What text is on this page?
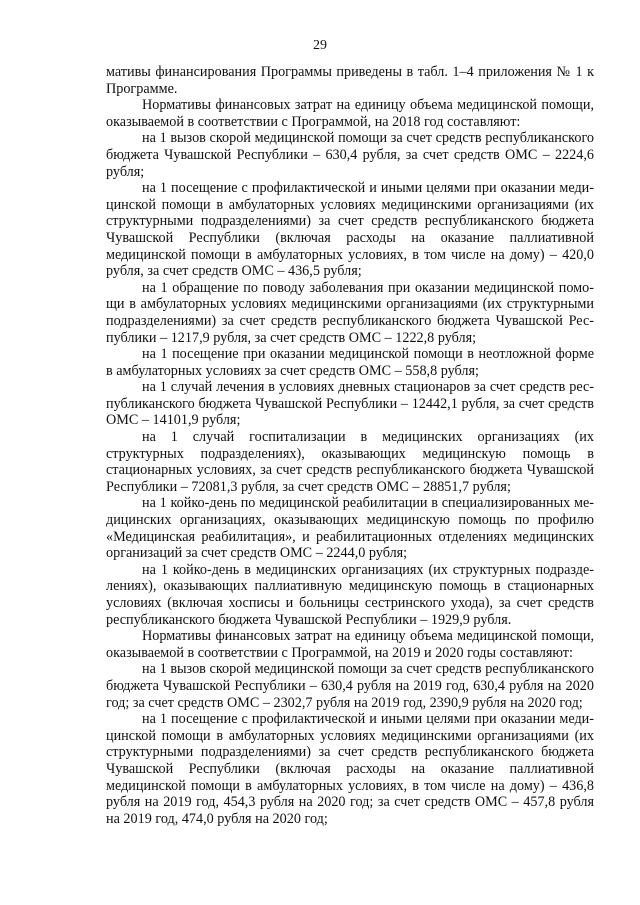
29

мативы финансирования Программы приведены в табл. 1–4 приложения № 1 к Программе.

Нормативы финансовых затрат на единицу объема медицинской помощи, оказываемой в соответствии с Программой, на 2018 год составляют:

на 1 вызов скорой медицинской помощи за счет средств республиканского бюджета Чувашской Республики – 630,4 рубля, за счет средств ОМС – 2224,6 рубля;

на 1 посещение с профилактической и иными целями при оказании медицинской помощи в амбулаторных условиях медицинскими организациями (их структурными подразделениями) за счет средств республиканского бюджета Чувашской Республики (включая расходы на оказание паллиативной медицинской помощи в амбулаторных условиях, в том числе на дому) – 420,0 рубля, за счет средств ОМС – 436,5 рубля;

на 1 обращение по поводу заболевания при оказании медицинской помощи в амбулаторных условиях медицинскими организациями (их структурными подразделениями) за счет средств республиканского бюджета Чувашской Республики – 1217,9 рубля, за счет средств ОМС – 1222,8 рубля;

на 1 посещение при оказании медицинской помощи в неотложной форме в амбулаторных условиях за счет средств ОМС – 558,8 рубля;

на 1 случай лечения в условиях дневных стационаров за счет средств республиканского бюджета Чувашской Республики – 12442,1 рубля, за счет средств ОМС – 14101,9 рубля;

на 1 случай госпитализации в медицинских организациях (их структурных подразделениях), оказывающих медицинскую помощь в стационарных условиях, за счет средств республиканского бюджета Чувашской Республики – 72081,3 рубля, за счет средств ОМС – 28851,7 рубля;

на 1 койко-день по медицинской реабилитации в специализированных медицинских организациях, оказывающих медицинскую помощь по профилю «Медицинская реабилитация», и реабилитационных отделениях медицинских организаций за счет средств ОМС – 2244,0 рубля;

на 1 койко-день в медицинских организациях (их структурных подразделениях), оказывающих паллиативную медицинскую помощь в стационарных условиях (включая хосписы и больницы сестринского ухода), за счет средств республиканского бюджета Чувашской Республики – 1929,9 рубля.

Нормативы финансовых затрат на единицу объема медицинской помощи, оказываемой в соответствии с Программой, на 2019 и 2020 годы составляют:

на 1 вызов скорой медицинской помощи за счет средств республиканского бюджета Чувашской Республики – 630,4 рубля на 2019 год, 630,4 рубля на 2020 год; за счет средств ОМС – 2302,7 рубля на 2019 год, 2390,9 рубля на 2020 год;

на 1 посещение с профилактической и иными целями при оказании медицинской помощи в амбулаторных условиях медицинскими организациями (их структурными подразделениями) за счет средств республиканского бюджета Чувашской Республики (включая расходы на оказание паллиативной медицинской помощи в амбулаторных условиях, в том числе на дому) – 436,8 рубля на 2019 год, 454,3 рубля на 2020 год; за счет средств ОМС – 457,8 рубля на 2019 год, 474,0 рубля на 2020 год;
